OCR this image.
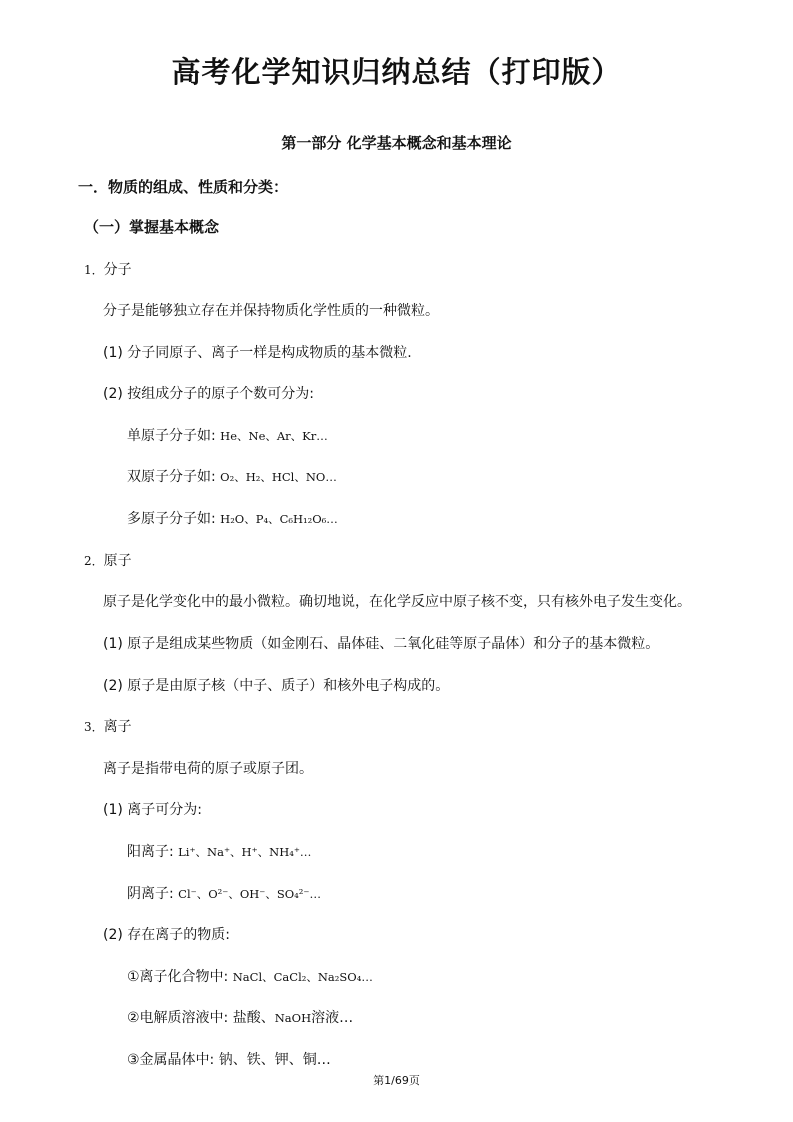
高考化学知识归纳总结（打印版）
第一部分 化学基本概念和基本理论
一．物质的组成、性质和分类：
（一）掌握基本概念
1．分子
分子是能够独立存在并保持物质化学性质的一种微粒。
(1) 分子同原子、离子一样是构成物质的基本微粒.
(2) 按组成分子的原子个数可分为:
单原子分子如: He、Ne、Ar、Kr…
双原子分子如: O₂、H₂、HCl、NO…
多原子分子如: H₂O、P₄、C₆H₁₂O₆…
2．原子
原子是化学变化中的最小微粒。确切地说，在化学反应中原子核不变，只有核外电子发生变化。
(1) 原子是组成某些物质（如金刚石、晶体硅、二氧化硅等原子晶体）和分子的基本微粒。
(2) 原子是由原子核（中子、质子）和核外电子构成的。
3．离子
离子是指带电荷的原子或原子团。
(1) 离子可分为:
阳离子: Li⁺、Na⁺、H⁺、NH₄⁺…
阴离子: Cl⁻、O²⁻、OH⁻、SO₄²⁻…
(2) 存在离子的物质:
①离子化合物中: NaCl、CaCl₂、Na₂SO₄…
②电解质溶液中: 盐酸、NaOH溶液…
③金属晶体中: 钠、铁、钾、铜…
第1/69页
